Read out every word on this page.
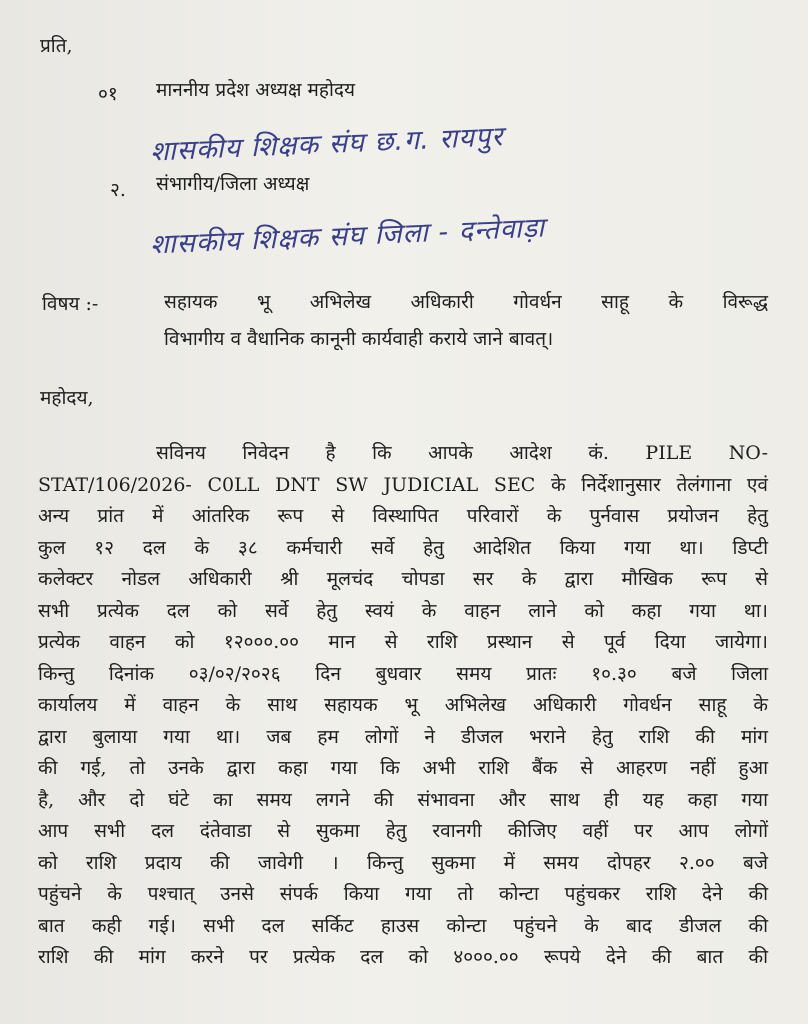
प्रति,
०१ माननीय प्रदेश अध्यक्ष महोदय
शासकीय शिक्षक संघ छ.ग. रायपुर
२. संभागीय/जिला अध्यक्ष
शासकीय शिक्षक संघ जिला - दन्तेवाड़ा
विषय :-	सहायक भू अभिलेख अधिकारी गोवर्धन साहू के विरूद्ध
विभागीय व वैधानिक कानूनी कार्यवाही कराये जाने बावत्।
महोदय,
सविनय निवेदन है कि आपके आदेश कं. PILE NO-
STAT/106/2026- C0LL DNT SW JUDICIAL SEC के निर्देशानुसार तेलंगाना एवं
अन्य प्रांत में आंतरिक रूप से विस्थापित परिवारों के पुर्नवास प्रयोजन हेतु
कुल १२ दल के ३८ कर्मचारी सर्वे हेतु आदेशित किया गया था। डिप्टी
कलेक्टर नोडल अधिकारी श्री मूलचंद चोपडा सर के द्वारा मौखिक रूप से
सभी प्रत्येक दल को सर्वे हेतु स्वयं के वाहन लाने को कहा गया था।
प्रत्येक वाहन को १२०००.०० मान से राशि प्रस्थान से पूर्व दिया जायेगा।
किन्तु दिनांक ०३/०२/२०२६ दिन बुधवार समय प्रातः १०.३० बजे जिला
कार्यालय में वाहन के साथ सहायक भू अभिलेख अधिकारी गोवर्धन साहू के
द्वारा बुलाया गया था। जब हम लोगों ने डीजल भराने हेतु राशि की मांग
की गई, तो उनके द्वारा कहा गया कि अभी राशि बैंक से आहरण नहीं हुआ
है, और दो घंटे का समय लगने की संभावना और साथ ही यह कहा गया
आप सभी दल दंतेवाडा से सुकमा हेतु रवानगी कीजिए वहीं पर आप लोगों
को राशि प्रदाय की जावेगी । किन्तु सुकमा में समय दोपहर २.०० बजे
पहुंचने के पश्चात् उनसे संपर्क किया गया तो कोन्टा पहुंचकर राशि देने की
बात कही गई। सभी दल सर्किट हाउस कोन्टा पहुंचने के बाद डीजल की
राशि की मांग करने पर प्रत्येक दल को ४०००.०० रूपये देने की बात की
